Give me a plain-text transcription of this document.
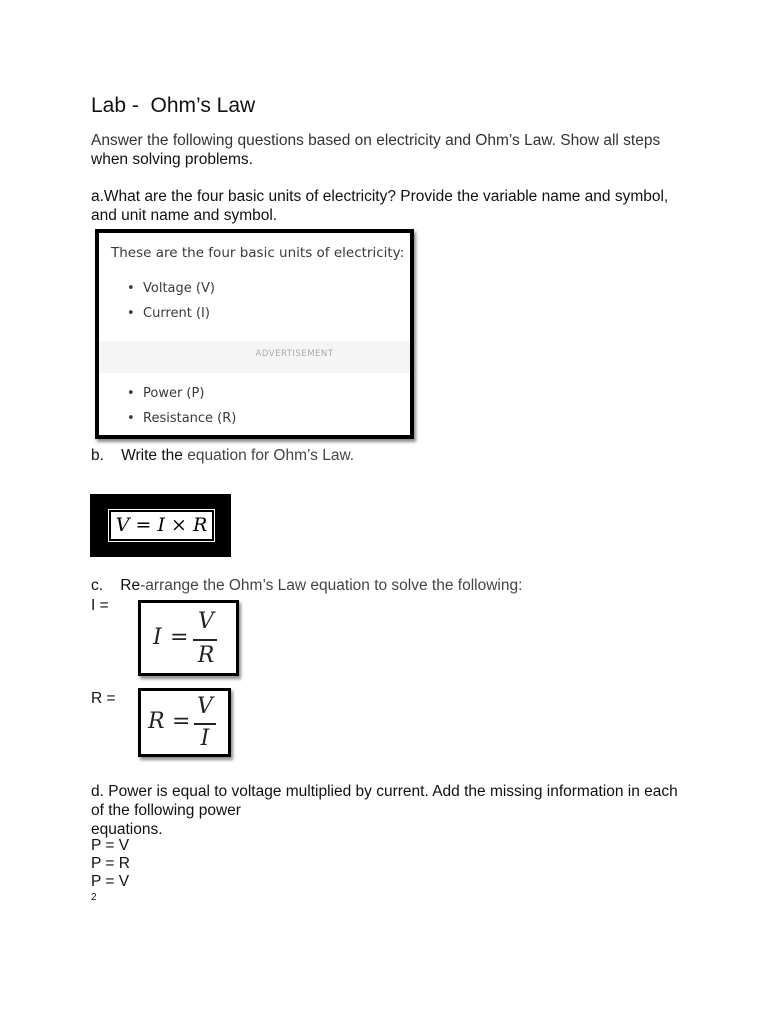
Lab -  Ohm’s Law
Answer the following questions based on electricity and Ohm’s Law. Show all steps
when solving problems.
a.What are the four basic units of electricity? Provide the variable name and symbol, and unit name and symbol.
These are the four basic units of electricity:
• Voltage (V)
• Current (I)
ADVERTISEMENT
• Power (P)
• Resistance (R)
b. Write the equation for Ohm’s Law.
V = I × R
c. Re-arrange the Ohm’s Law equation to solve the following:
I =
I =
V
R
R =
R =
V
I
d. Power is equal to voltage multiplied by current. Add the missing information in each of the following power
equations.
P = V
P = R
P = V
2
